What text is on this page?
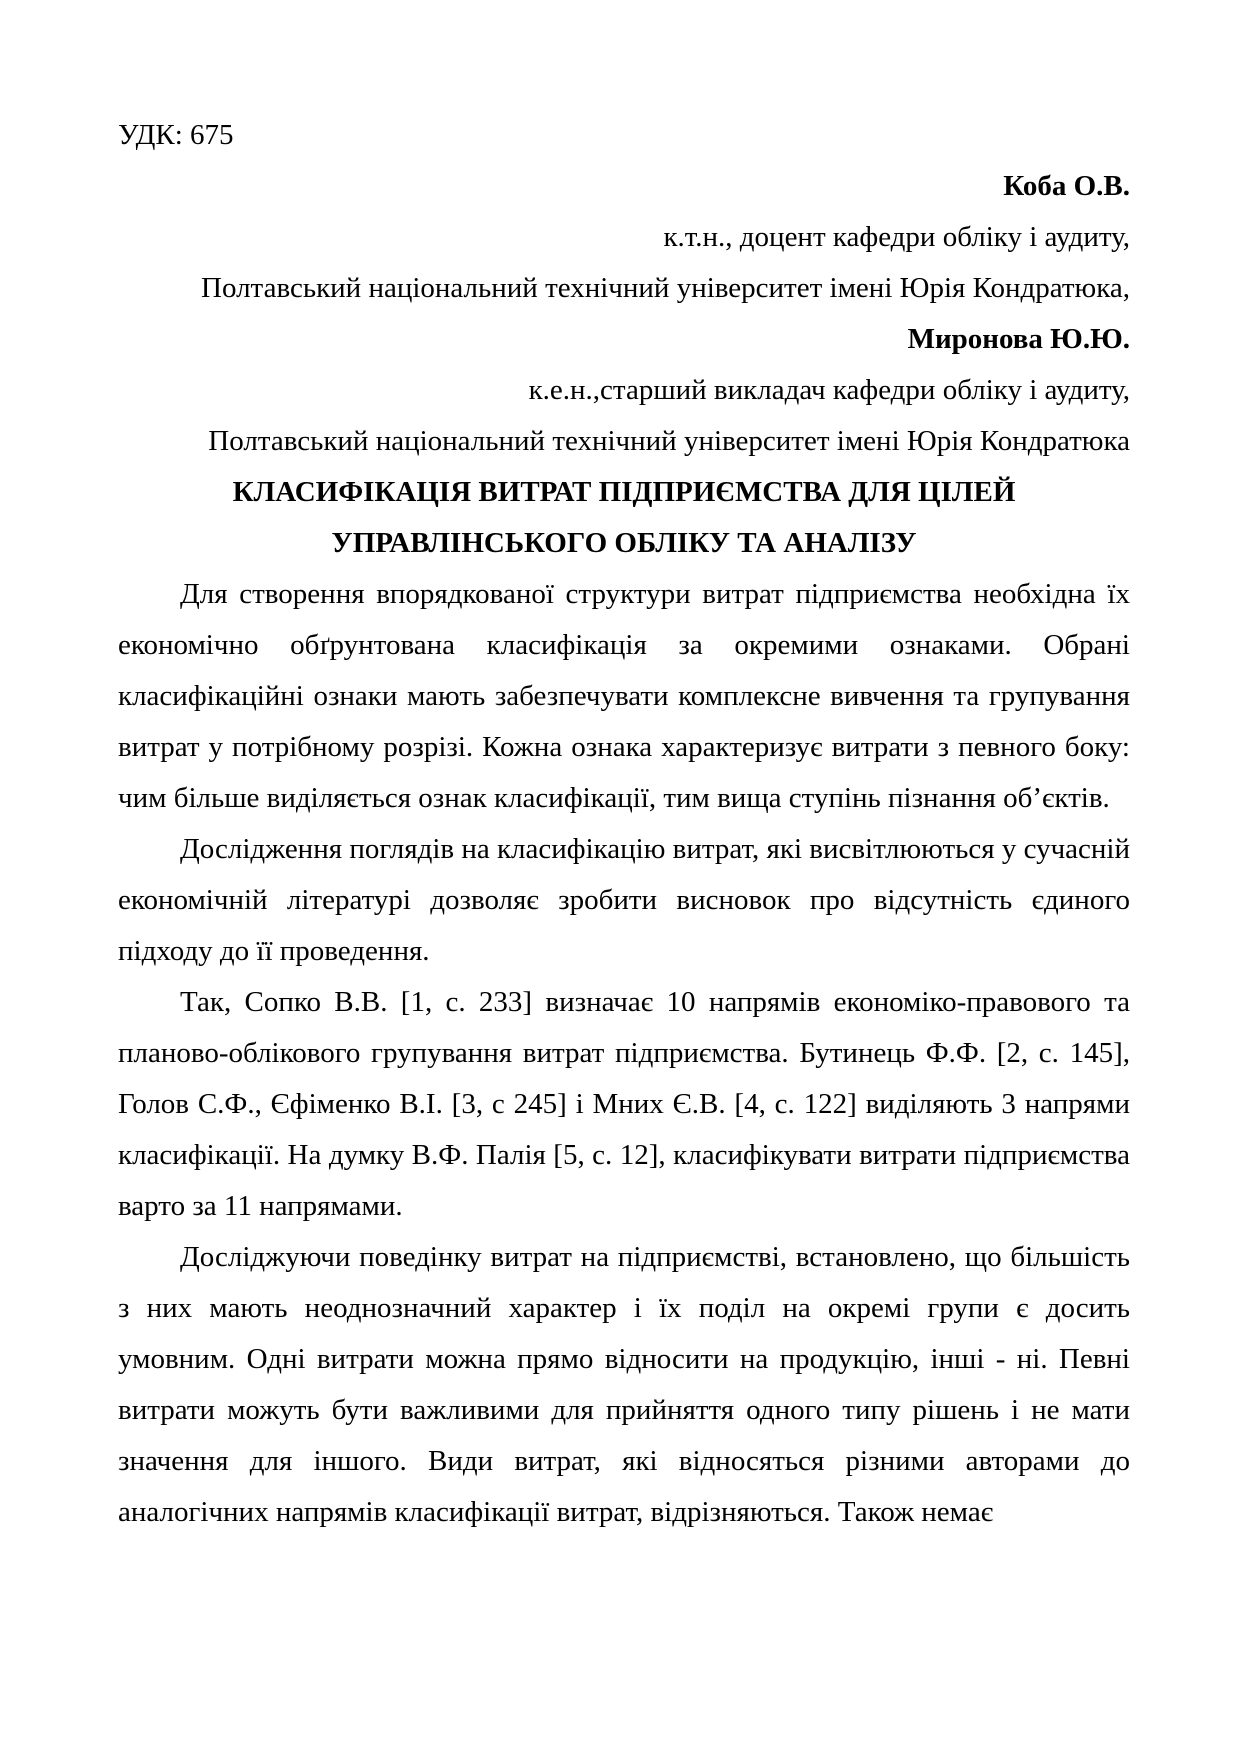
УДК: 675
Коба О.В.
к.т.н., доцент кафедри обліку і аудиту,
Полтавський національний технічний університет імені Юрія Кондратюка,
Миронова Ю.Ю.
к.е.н.,старший викладач кафедри обліку і аудиту,
Полтавський національний технічний університет імені Юрія Кондратюка
КЛАСИФІКАЦІЯ ВИТРАТ ПІДПРИЄМСТВА ДЛЯ ЦІЛЕЙ
УПРАВЛІНСЬКОГО ОБЛІКУ ТА АНАЛІЗУ

Для створення впорядкованої структури витрат підприємства необхідна їх економічно обґрунтована класифікація за окремими ознаками. Обрані класифікаційні ознаки мають забезпечувати комплексне вивчення та групування витрат у потрібному розрізі. Кожна ознака характеризує витрати з певного боку: чим більше виділяється ознак класифікації, тим вища ступінь пізнання об’єктів.

Дослідження поглядів на класифікацію витрат, які висвітлюються у сучасній економічній літературі дозволяє зробити висновок про відсутність єдиного підходу до її проведення.

Так, Сопко В.В. [1, с. 233] визначає 10 напрямів економіко-правового та планово-облікового групування витрат підприємства. Бутинець Ф.Ф. [2, с. 145], Голов С.Ф., Єфіменко В.І. [3, с 245] і Мних Є.В. [4, с. 122] виділяють 3 напрями класифікації. На думку В.Ф. Палія [5, с. 12], класифікувати витрати підприємства варто за 11 напрямами.

Досліджуючи поведінку витрат на підприємстві, встановлено, що більшість з них мають неоднозначний характер і їх поділ на окремі групи є досить умовним. Одні витрати можна прямо відносити на продукцію, інші - ні. Певні витрати можуть бути важливими для прийняття одного типу рішень і не мати значення для іншого. Види витрат, які відносяться різними авторами до аналогічних напрямів класифікації витрат, відрізняються. Також немає
